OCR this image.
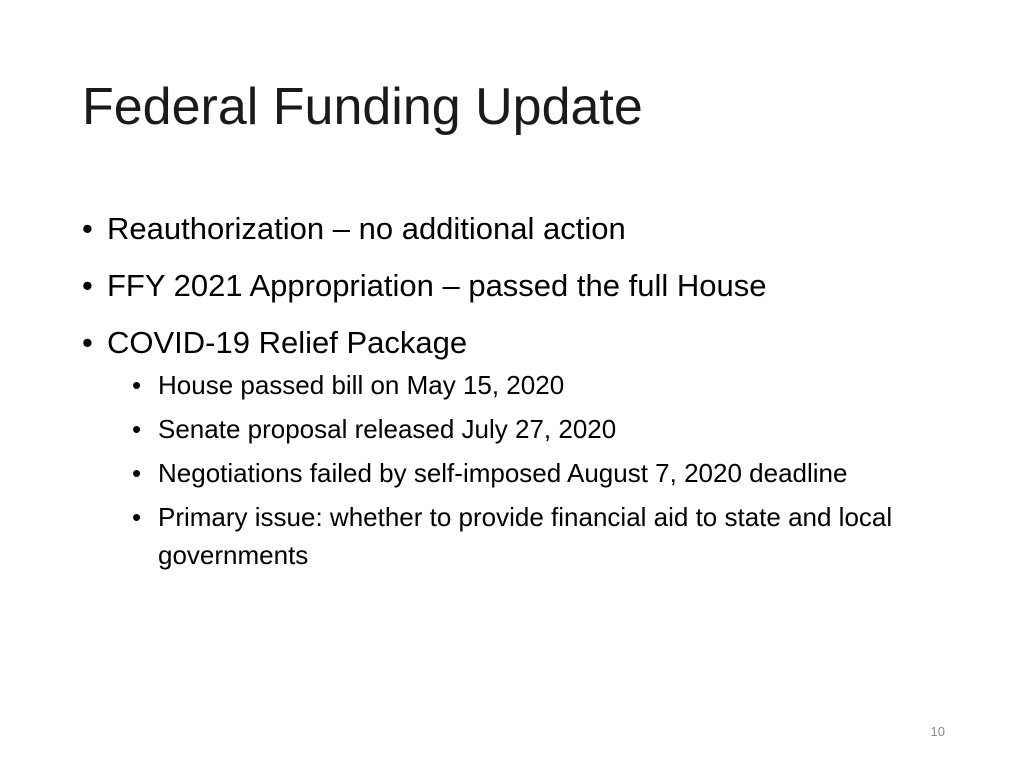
Federal Funding Update
• Reauthorization – no additional action
• FFY 2021 Appropriation – passed the full House
• COVID-19 Relief Package
• House passed bill on May 15, 2020
• Senate proposal released July 27, 2020
• Negotiations failed by self-imposed August 7, 2020 deadline
• Primary issue: whether to provide financial aid to state and local governments
10
